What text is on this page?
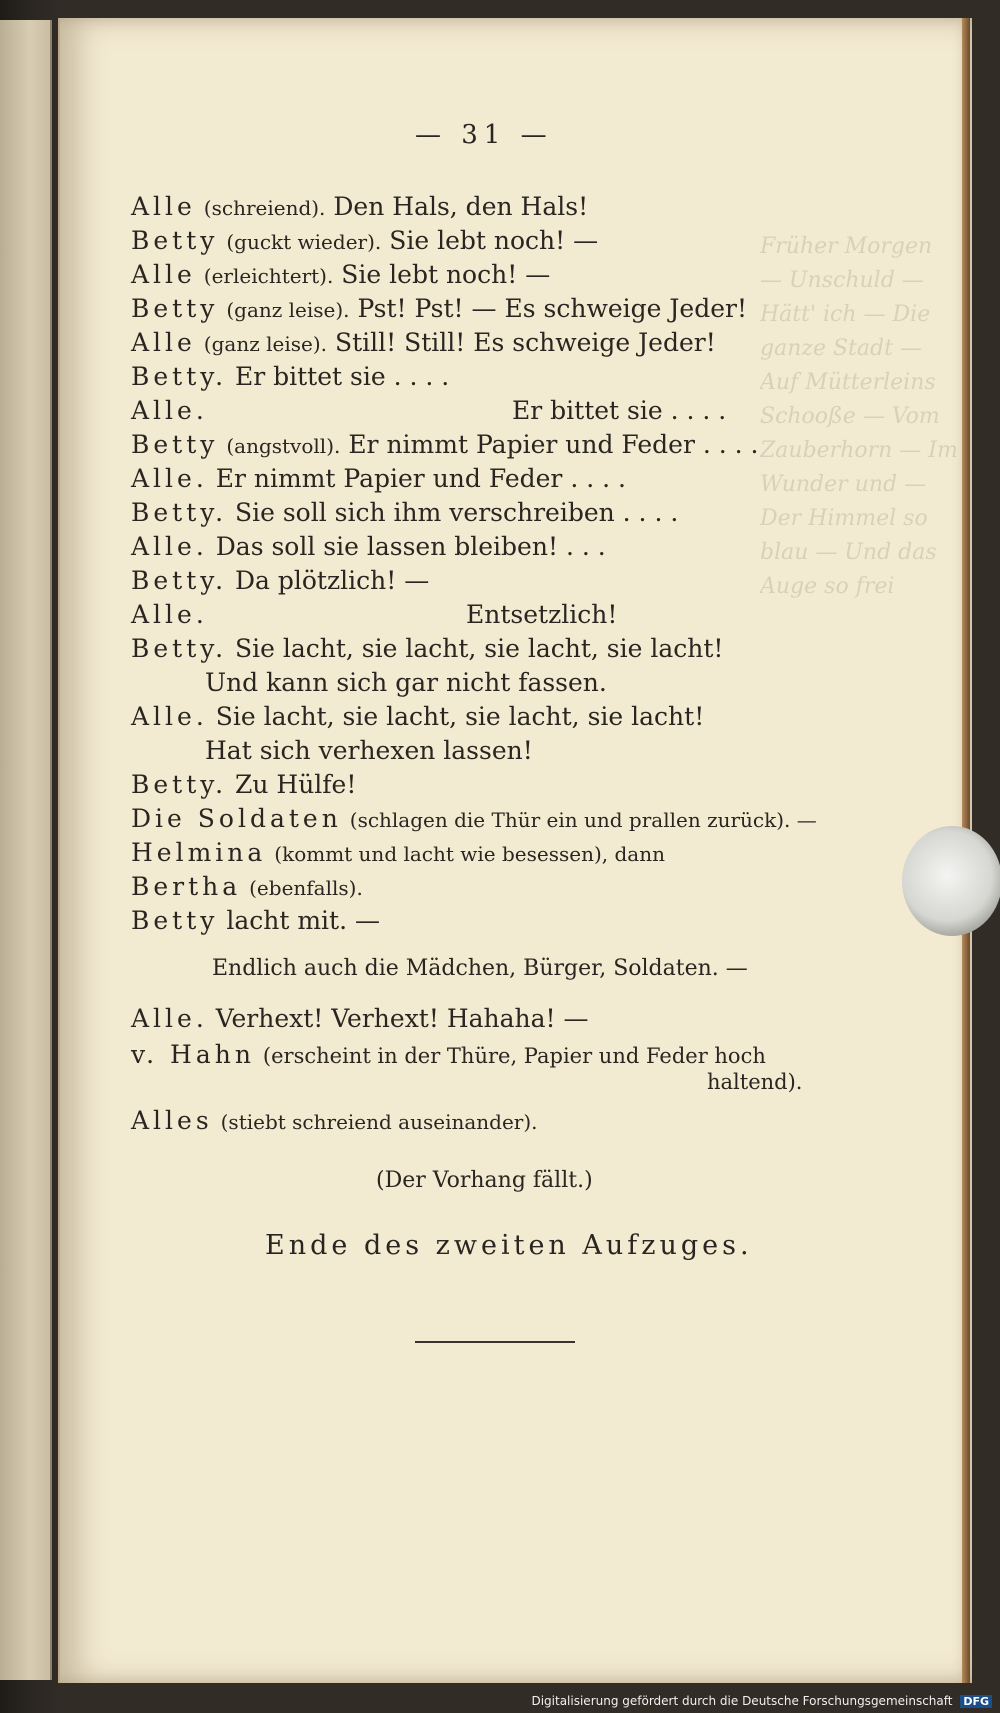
Früher Morgen — Unschuld — Hätt' ich — Die ganze Stadt — Auf Mütterleins Schooße — Vom Zauberhorn — Im Wunder und — Der Himmel so blau — Und das Auge so frei
— 31 —
Alle (schreiend). Den Hals, den Hals!
Betty (guckt wieder). Sie lebt noch! —
Alle (erleichtert). Sie lebt noch! —
Betty (ganz leise). Pst! Pst! — Es schweige Jeder!
Alle (ganz leise). Still! Still! Es schweige Jeder!
Betty. Er bittet sie . . . .
Alle.	Er bittet sie . . . .
Betty (angstvoll). Er nimmt Papier und Feder . . . .
Alle. Er nimmt Papier und Feder . . . .
Betty. Sie soll sich ihm verschreiben . . . .
Alle. Das soll sie lassen bleiben! . . .
Betty. Da plötzlich! —
Alle.	Entsetzlich!
Betty. Sie lacht, sie lacht, sie lacht, sie lacht!
Und kann sich gar nicht fassen.
Alle. Sie lacht, sie lacht, sie lacht, sie lacht!
Hat sich verhexen lassen!
Betty. Zu Hülfe!
Die Soldaten (schlagen die Thür ein und prallen zurück). —
Helmina (kommt und lacht wie besessen), dann
Bertha (ebenfalls).
Betty lacht mit. —
Endlich auch die Mädchen, Bürger, Soldaten. —
Alle. Verhext! Verhext! Hahaha! —
v. Hahn (erscheint in der Thüre, Papier und Feder hoch
haltend).
Alles (stiebt schreiend auseinander).
(Der Vorhang fällt.)
Ende des zweiten Aufzuges.
Digitalisierung gefördert durch die Deutsche Forschungsgemeinschaft DFG
